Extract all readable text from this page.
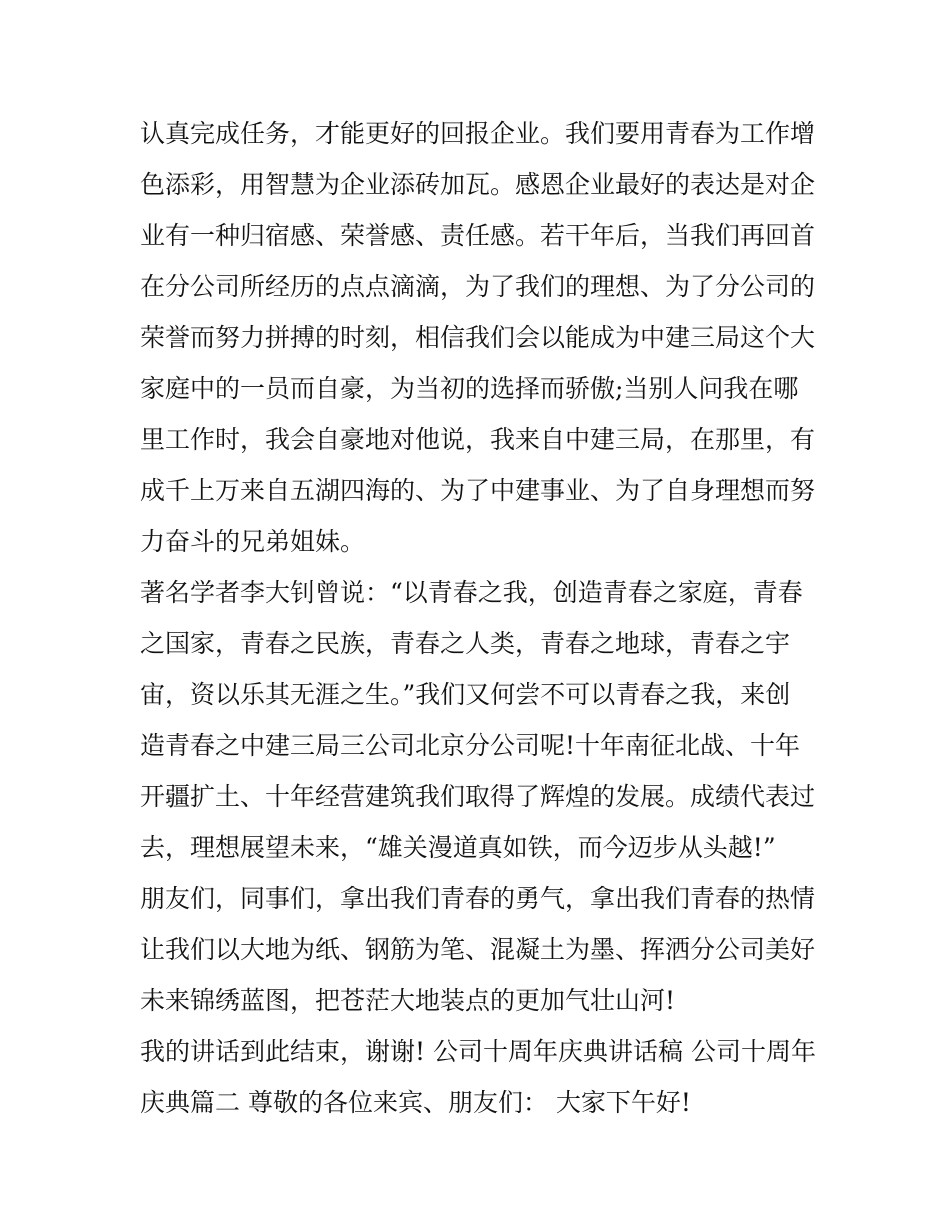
认真完成任务，才能更好的回报企业。我们要用青春为工作增
色添彩，用智慧为企业添砖加瓦。感恩企业最好的表达是对企
业有一种归宿感、荣誉感、责任感。若干年后，当我们再回首
在分公司所经历的点点滴滴，为了我们的理想、为了分公司的
荣誉而努力拼搏的时刻，相信我们会以能成为中建三局这个大
家庭中的一员而自豪，为当初的选择而骄傲;当别人问我在哪
里工作时，我会自豪地对他说，我来自中建三局，在那里，有
成千上万来自五湖四海的、为了中建事业、为了自身理想而努
力奋斗的兄弟姐妹。
著名学者李大钊曾说：“以青春之我，创造青春之家庭，青春
之国家，青春之民族，青春之人类，青春之地球，青春之宇
宙，资以乐其无涯之生。”我们又何尝不可以青春之我，来创
造青春之中建三局三公司北京分公司呢!十年南征北战、十年
开疆扩土、十年经营建筑我们取得了辉煌的发展。成绩代表过
去，理想展望未来，“雄关漫道真如铁，而今迈步从头越!”
朋友们，同事们，拿出我们青春的勇气，拿出我们青春的热情
让我们以大地为纸、钢筋为笔、混凝土为墨、挥洒分公司美好
未来锦绣蓝图，把苍茫大地装点的更加气壮山河!
我的讲话到此结束，谢谢! 公司十周年庆典讲话稿 公司十周年
庆典篇二 尊敬的各位来宾、朋友们： 大家下午好!
